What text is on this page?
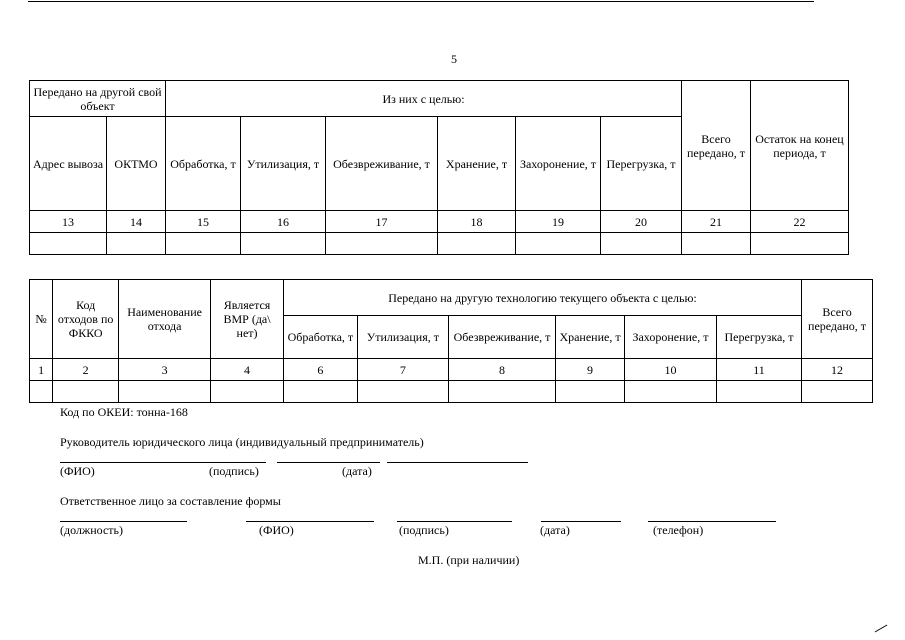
5
Передано на другой свой объект		Из них с целью:						Всего передано, т	Остаток на конец периода, т
Адрес вывоза	ОКТМО	Обработка, т	Утилизация, т	Обезвреживание, т	Хранение, т	Захоронение, т	Перегрузка, т		
13	14	15	16	17	18	19	20	21	22

№	Код отходов по ФККО	Наименование отхода	Является ВМР (да\ нет)	Передано на другую технологию текущего объекта с целью:						Всего передано, т
				Обработка, т	Утилизация, т	Обезвреживание, т	Хранение, т	Захоронение, т	Перегрузка, т	
1	2	3	4	6	7	8	9	10	11	12

Код по ОКЕИ: тонна-168
Руководитель юридического лица (индивидуальный предприниматель)
(ФИО)	(подпись)	(дата)
Ответственное лицо за составление формы
(должность)	(ФИО)	(подпись)	(дата)	(телефон)
М.П. (при наличии)
